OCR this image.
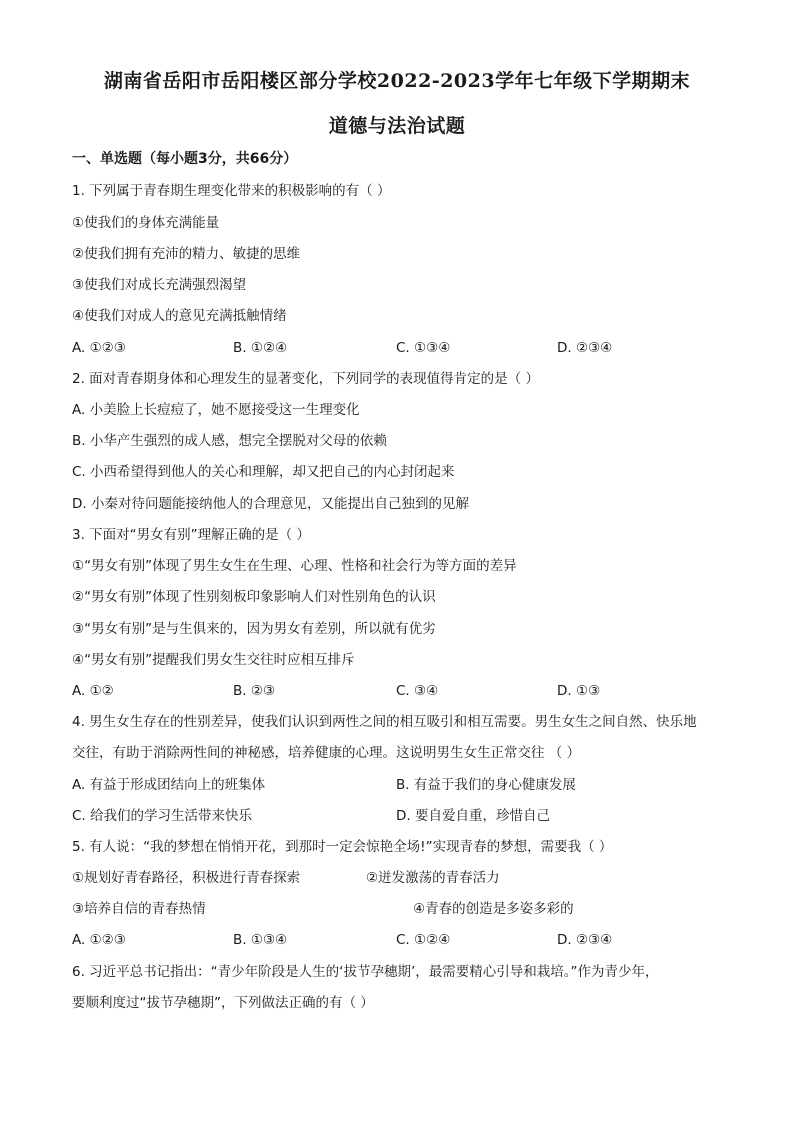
湖南省岳阳市岳阳楼区部分学校2022-2023学年七年级下学期期末
道德与法治试题
一、单选题（每小题3分，共66分）
1. 下列属于青春期生理变化带来的积极影响的有（ ）
①使我们的身体充满能量
②使我们拥有充沛的精力、敏捷的思维
③使我们对成长充满强烈渴望
④使我们对成人的意见充满抵触情绪
A. ①②③	B. ①②④	C. ①③④	D. ②③④
2. 面对青春期身体和心理发生的显著变化，下列同学的表现值得肯定的是（ ）
A. 小美脸上长痘痘了，她不愿接受这一生理变化
B. 小华产生强烈的成人感，想完全摆脱对父母的依赖
C. 小西希望得到他人的关心和理解，却又把自己的内心封闭起来
D. 小秦对待问题能接纳他人的合理意见，又能提出自己独到的见解
3. 下面对“男女有别”理解正确的是（ ）
①“男女有别”体现了男生女生在生理、心理、性格和社会行为等方面的差异
②“男女有别”体现了性别刻板印象影响人们对性别角色的认识
③“男女有别”是与生俱来的，因为男女有差别，所以就有优劣
④“男女有别”提醒我们男女生交往时应相互排斥
A. ①②	B. ②③	C. ③④	D. ①③
4. 男生女生存在的性别差异，使我们认识到两性之间的相互吸引和相互需要。男生女生之间自然、快乐地
交往，有助于消除两性间的神秘感，培养健康的心理。这说明男生女生正常交往 （ ）
A. 有益于形成团结向上的班集体	B. 有益于我们的身心健康发展
C. 给我们的学习生活带来快乐	D. 要自爱自重，珍惜自己
5. 有人说：“我的梦想在悄悄开花，到那时一定会惊艳全场!”实现青春的梦想，需要我（ ）
①规划好青春路径，积极进行青春探索	②迸发激荡的青春活力
③培养自信的青春热情	④青春的创造是多姿多彩的
A. ①②③	B. ①③④	C. ①②④	D. ②③④
6. 习近平总书记指出：“青少年阶段是人生的‘拔节孕穗期’，最需要精心引导和栽培。”作为青少年，
要顺利度过“拔节孕穗期”，下列做法正确的有（ ）
